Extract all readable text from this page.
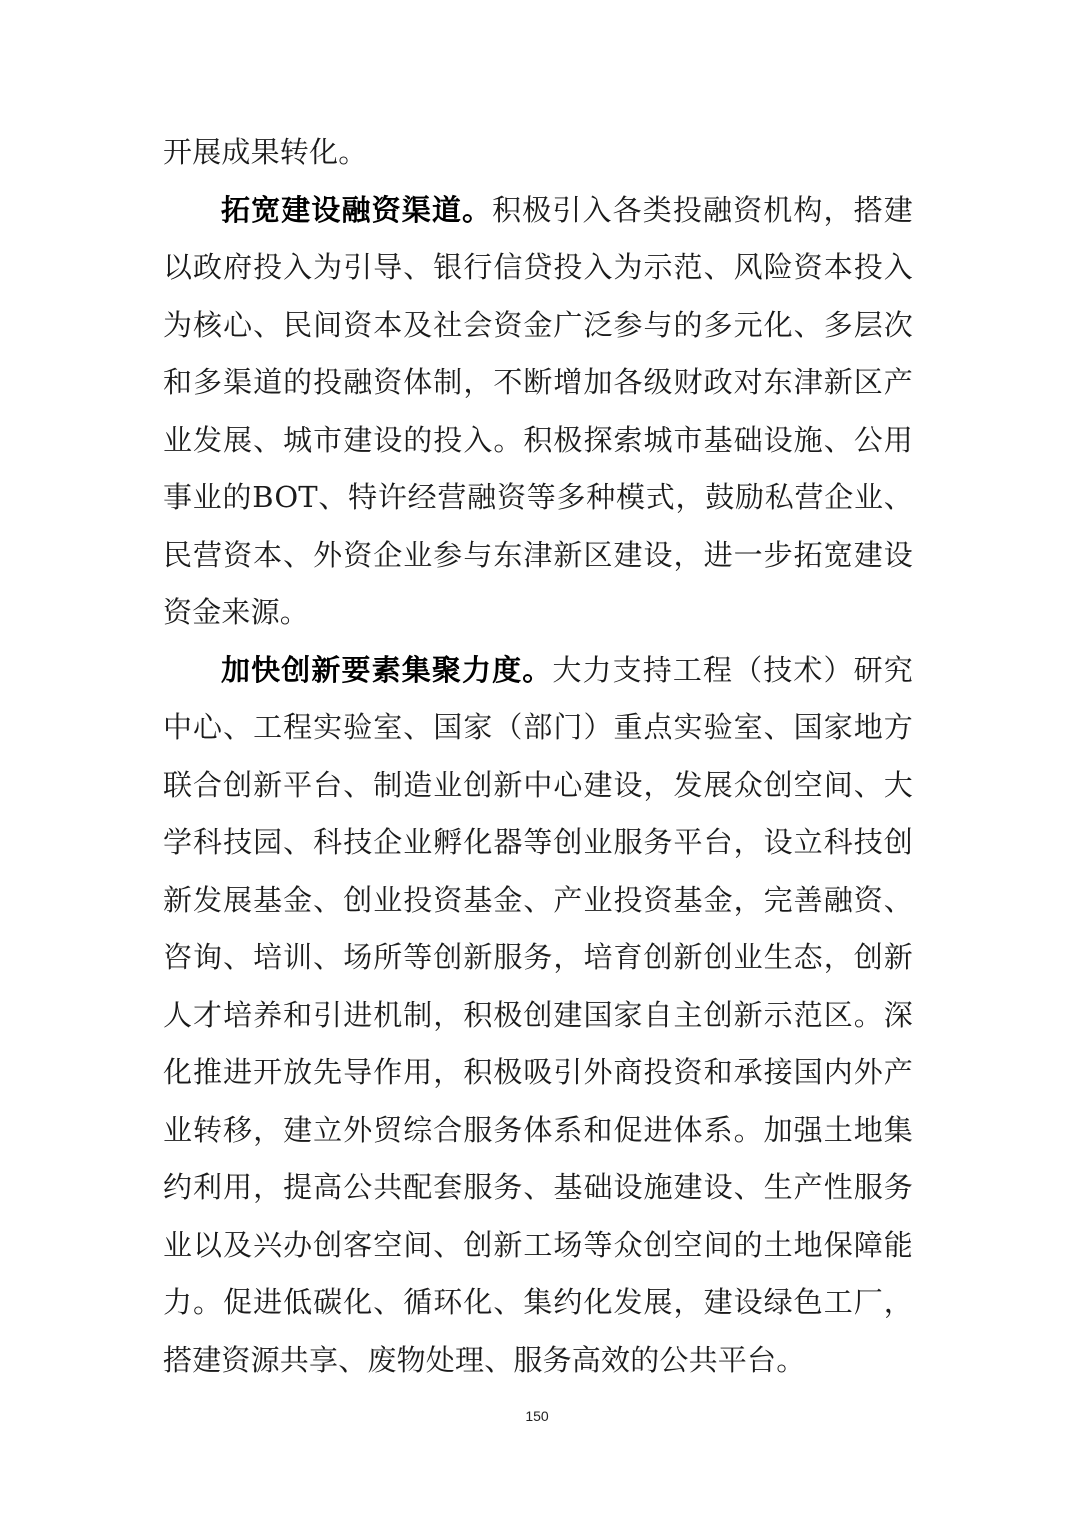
开展成果转化。

拓宽建设融资渠道。积极引入各类投融资机构，搭建以政府投入为引导、银行信贷投入为示范、风险资本投入为核心、民间资本及社会资金广泛参与的多元化、多层次和多渠道的投融资体制，不断增加各级财政对东津新区产业发展、城市建设的投入。积极探索城市基础设施、公用事业的BOT、特许经营融资等多种模式，鼓励私营企业、民营资本、外资企业参与东津新区建设，进一步拓宽建设资金来源。

加快创新要素集聚力度。大力支持工程（技术）研究中心、工程实验室、国家（部门）重点实验室、国家地方联合创新平台、制造业创新中心建设，发展众创空间、大学科技园、科技企业孵化器等创业服务平台，设立科技创新发展基金、创业投资基金、产业投资基金，完善融资、咨询、培训、场所等创新服务，培育创新创业生态，创新人才培养和引进机制，积极创建国家自主创新示范区。深化推进开放先导作用，积极吸引外商投资和承接国内外产业转移，建立外贸综合服务体系和促进体系。加强土地集约利用，提高公共配套服务、基础设施建设、生产性服务业以及兴办创客空间、创新工场等众创空间的土地保障能力。促进低碳化、循环化、集约化发展，建设绿色工厂，搭建资源共享、废物处理、服务高效的公共平台。

150
